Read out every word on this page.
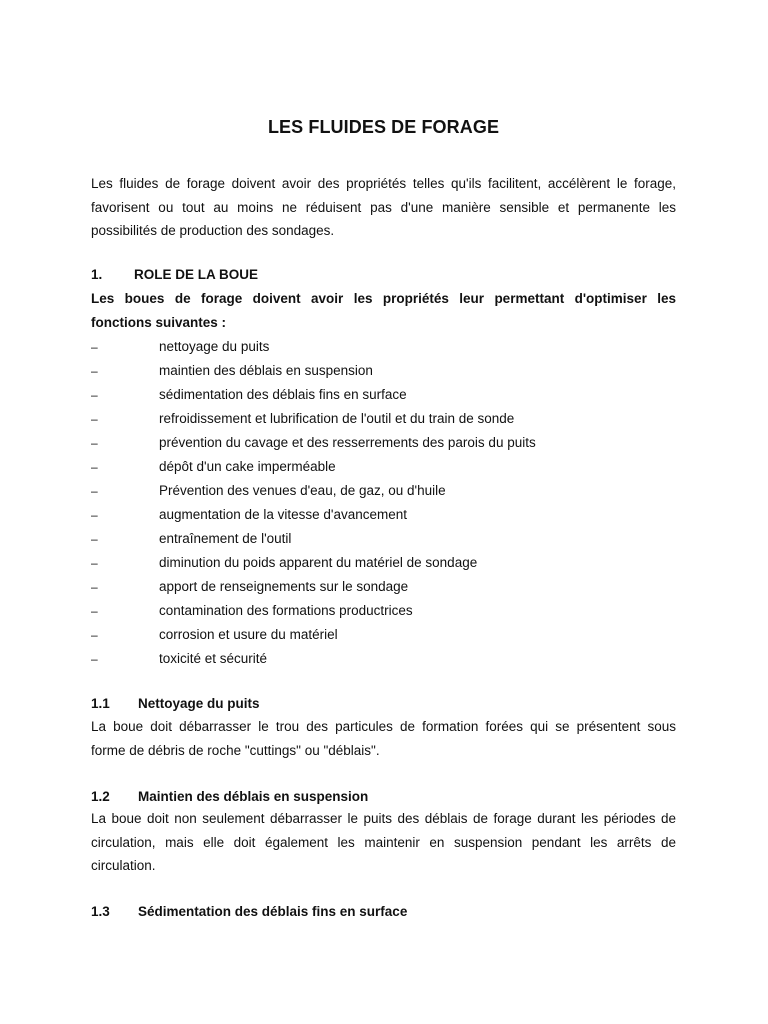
LES FLUIDES DE FORAGE

Les fluides de forage doivent avoir des propriétés telles qu'ils facilitent, accélèrent le forage,
favorisent ou tout au moins ne réduisent pas d'une manière sensible et permanente les
possibilités de production des sondages.

1. ROLE DE LA BOUE

Les boues de forage doivent avoir les propriétés leur permettant d'optimiser les
fonctions suivantes :

–	nettoyage du puits
–	maintien des déblais en suspension
–	sédimentation des déblais fins en surface
–	refroidissement et lubrification de l'outil et du train de sonde
–	prévention du cavage et des resserrements des parois du puits
–	dépôt d'un cake imperméable
–	Prévention des venues d'eau, de gaz, ou d'huile
–	augmentation de la vitesse d'avancement
–	entraînement de l'outil
–	diminution du poids apparent du matériel de sondage
–	apport de renseignements sur le sondage
–	contamination des formations productrices
–	corrosion et usure du matériel
–	toxicité et sécurité
1.1 Nettoyage du puits

La boue doit débarrasser le trou des particules de formation forées qui se présentent sous
forme de débris de roche "cuttings" ou "déblais".

1.2 Maintien des déblais en suspension

La boue doit non seulement débarrasser le puits des déblais de forage durant les périodes de
circulation, mais elle doit également les maintenir en suspension pendant les arrêts de
circulation.

1.3 Sédimentation des déblais fins en surface
